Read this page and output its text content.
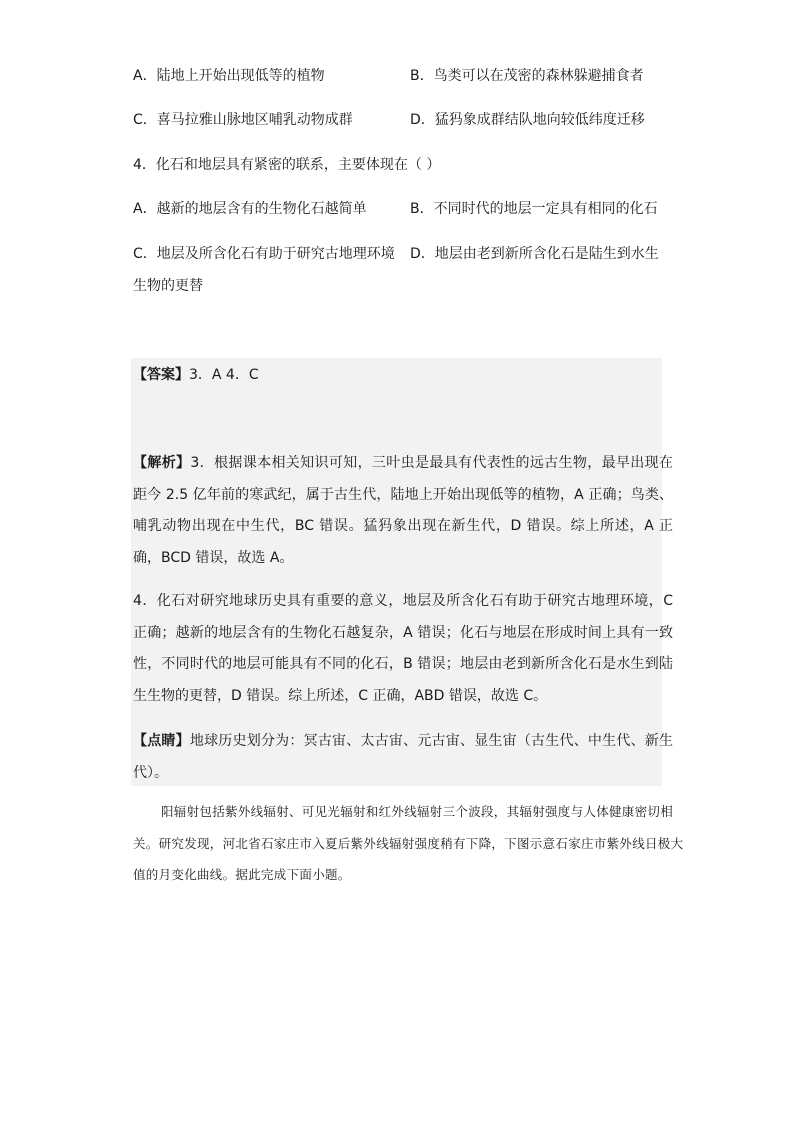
A．陆地上开始出现低等的植物	B．鸟类可以在茂密的森林躲避捕食者
C．喜马拉雅山脉地区哺乳动物成群	D．猛犸象成群结队地向较低纬度迁移
4．化石和地层具有紧密的联系，主要体现在（ ）
A．越新的地层含有的生物化石越简单	B．不同时代的地层一定具有相同的化石
C．地层及所含化石有助于研究古地理环境 D．地层由老到新所含化石是陆生到水生
生物的更替
【答案】3．A 4．C
【解析】3．根据课本相关知识可知，三叶虫是最具有代表性的远古生物，最早出现在距今 2.5 亿年前的寒武纪，属于古生代，陆地上开始出现低等的植物，A 正确；鸟类、哺乳动物出现在中生代，BC 错误。猛犸象出现在新生代，D 错误。综上所述，A 正确，BCD 错误，故选 A。
4．化石对研究地球历史具有重要的意义，地层及所含化石有助于研究古地理环境，C 正确；越新的地层含有的生物化石越复杂，A 错误；化石与地层在形成时间上具有一致性，不同时代的地层可能具有不同的化石，B 错误；地层由老到新所含化石是水生到陆生生物的更替，D 错误。综上所述，C 正确，ABD 错误，故选 C。
【点睛】地球历史划分为：冥古宙、太古宙、元古宙、显生宙（古生代、中生代、新生代）。
阳辐射包括紫外线辐射、可见光辐射和红外线辐射三个波段，其辐射强度与人体健康密切相关。研究发现，河北省石家庄市入夏后紫外线辐射强度稍有下降，下图示意石家庄市紫外线日极大值的月变化曲线。据此完成下面小题。
